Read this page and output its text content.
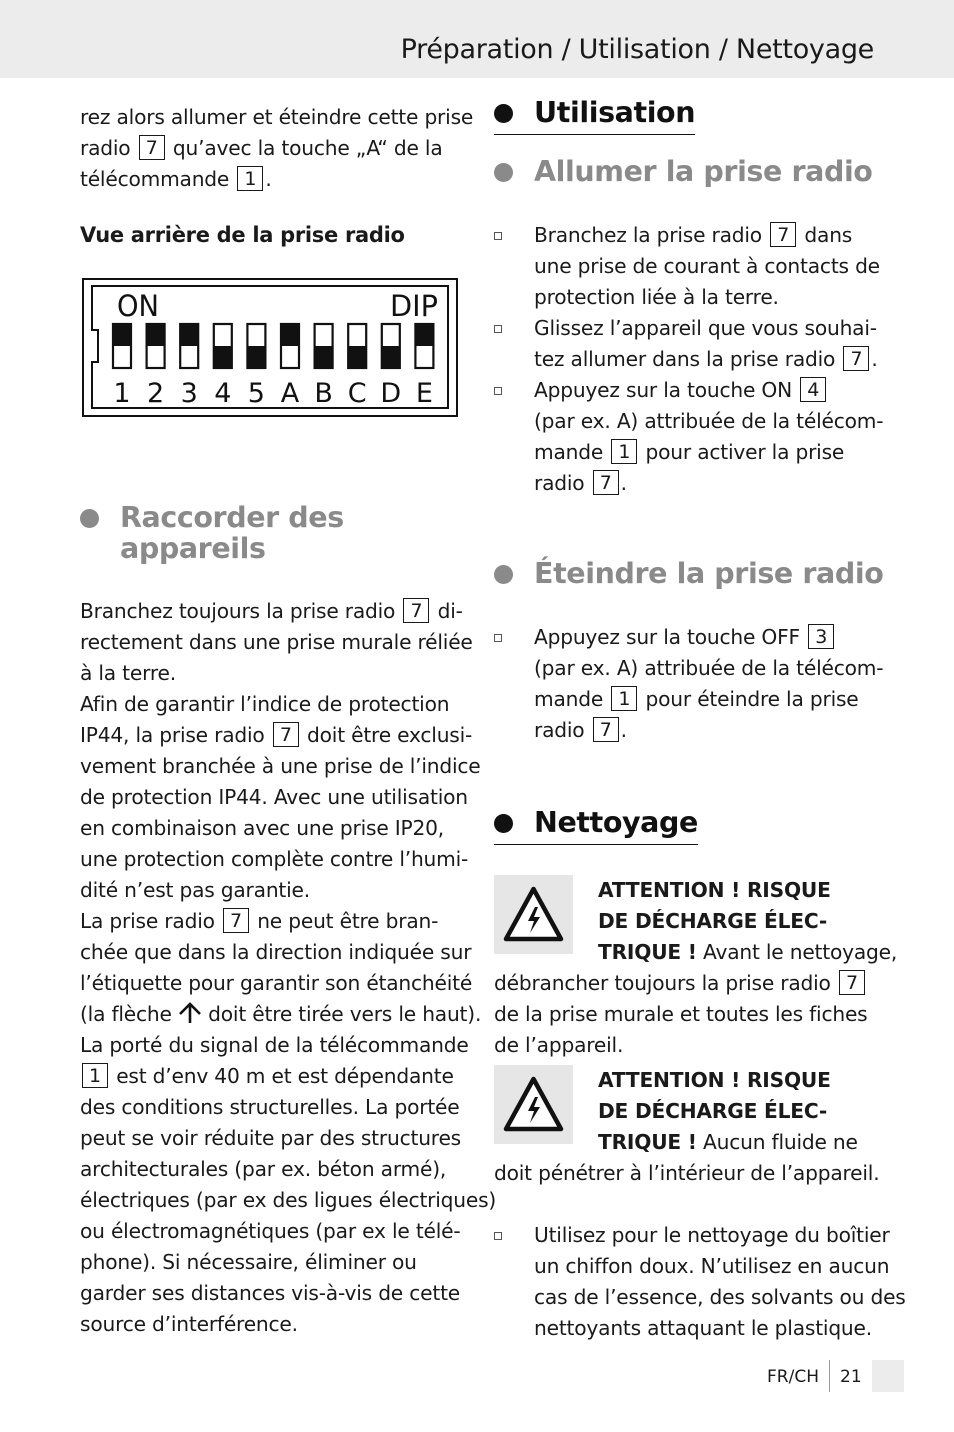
Préparation / Utilisation / Nettoyage

rez alors allumer et éteindre cette prise

radio 7 qu’avec la touche „A“ de la

télécommande 1 .

Vue arrière de la prise radio

ON	DIP
1 2 3 4 5 A B C D E

Raccorder des
appareils

Branchez toujours la prise radio 7 di-

rectement dans une prise murale réliée

à la terre.

Afin de garantir l’indice de protection

IP44, la prise radio 7 doit être exclusi-

vement branchée à une prise de l’indice

de protection IP44. Avec une utilisation

en combinaison avec une prise IP20,

une protection complète contre l’humi-

dité n’est pas garantie.

La prise radio 7 ne peut être bran-

chée que dans la direction indiquée sur

l’étiquette pour garantir son étanchéité

(la flèche  doit être tirée vers le haut).

La porté du signal de la télécommande

1 est d’env 40 m et est dépendante

des conditions structurelles. La portée

peut se voir réduite par des structures

architecturales (par ex. béton armé),

électriques (par ex des ligues électriques)

ou électromagnétiques (par ex le télé-

phone). Si nécessaire, éliminer ou

garder ses distances vis-à-vis de cette

source d’interférence.

Utilisation

Allumer la prise radio

Branchez la prise radio 7 dans

une prise de courant à contacts de

protection liée à la terre.

Glissez l’appareil que vous souhai-

tez allumer dans la prise radio 7 .

Appuyez sur la touche ON 4

(par ex. A) attribuée de la télécom-

mande 1 pour activer la prise

radio 7 .

Éteindre la prise radio

Appuyez sur la touche OFF 3

(par ex. A) attribuée de la télécom-

mande 1 pour éteindre la prise

radio 7 .

Nettoyage

ATTENTION ! RISQUE

DE DÉCHARGE ÉLEC-

TRIQUE ! Avant le nettoyage,

débrancher toujours la prise radio 7

de la prise murale et toutes les fiches

de l’appareil.

ATTENTION ! RISQUE

DE DÉCHARGE ÉLEC-

TRIQUE ! Aucun fluide ne

doit pénétrer à l’intérieur de l’appareil.

Utilisez pour le nettoyage du boîtier

un chiffon doux. N’utilisez en aucun

cas de l’essence, des solvants ou des

nettoyants attaquant le plastique.

FR/CH 21
